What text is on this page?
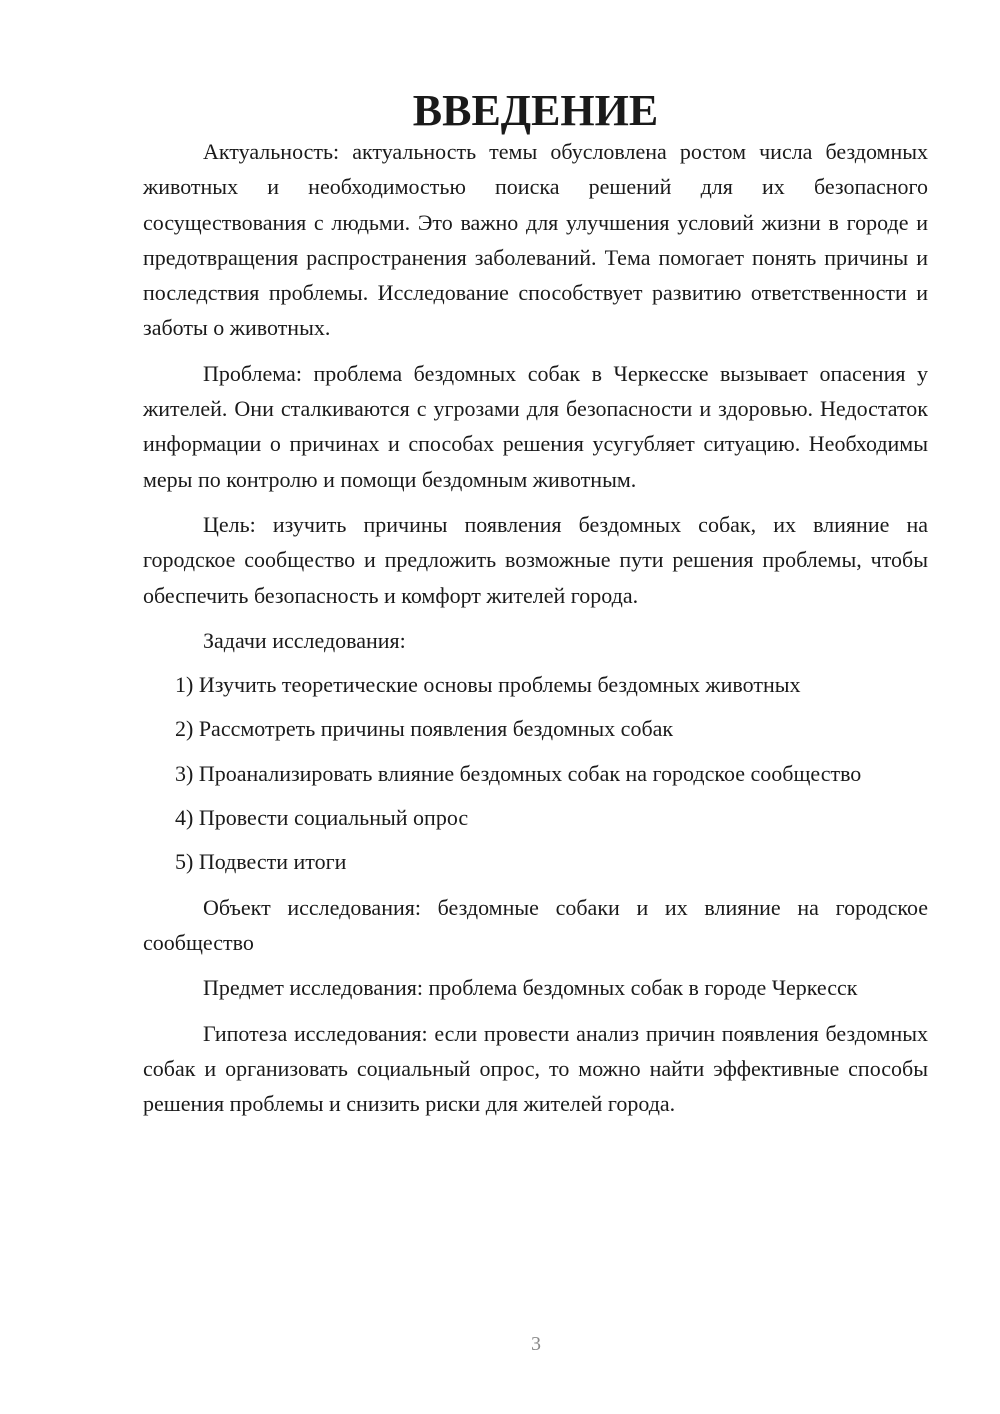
ВВЕДЕНИЕ

Актуальность: актуальность темы обусловлена ростом числа бездомных животных и необходимостью поиска решений для их безопасного сосуществования с людьми. Это важно для улучшения условий жизни в городе и предотвращения распространения заболеваний. Тема помогает понять причины и последствия проблемы. Исследование способствует развитию ответственности и заботы о животных.

Проблема: проблема бездомных собак в Черкесске вызывает опасения у жителей. Они сталкиваются с угрозами для безопасности и здоровью. Недостаток информации о причинах и способах решения усугубляет ситуацию. Необходимы меры по контролю и помощи бездомным животным.

Цель: изучить причины появления бездомных собак, их влияние на городское сообщество и предложить возможные пути решения проблемы, чтобы обеспечить безопасность и комфорт жителей города.

Задачи исследования:

1) Изучить теоретические основы проблемы бездомных животных

2) Рассмотреть причины появления бездомных собак

3) Проанализировать влияние бездомных собак на городское сообщество

4) Провести социальный опрос

5) Подвести итоги

Объект исследования: бездомные собаки и их влияние на городское сообщество

Предмет исследования: проблема бездомных собак в городе Черкесск

Гипотеза исследования: если провести анализ причин появления бездомных собак и организовать социальный опрос, то можно найти эффективные способы решения проблемы и снизить риски для жителей города.

3
